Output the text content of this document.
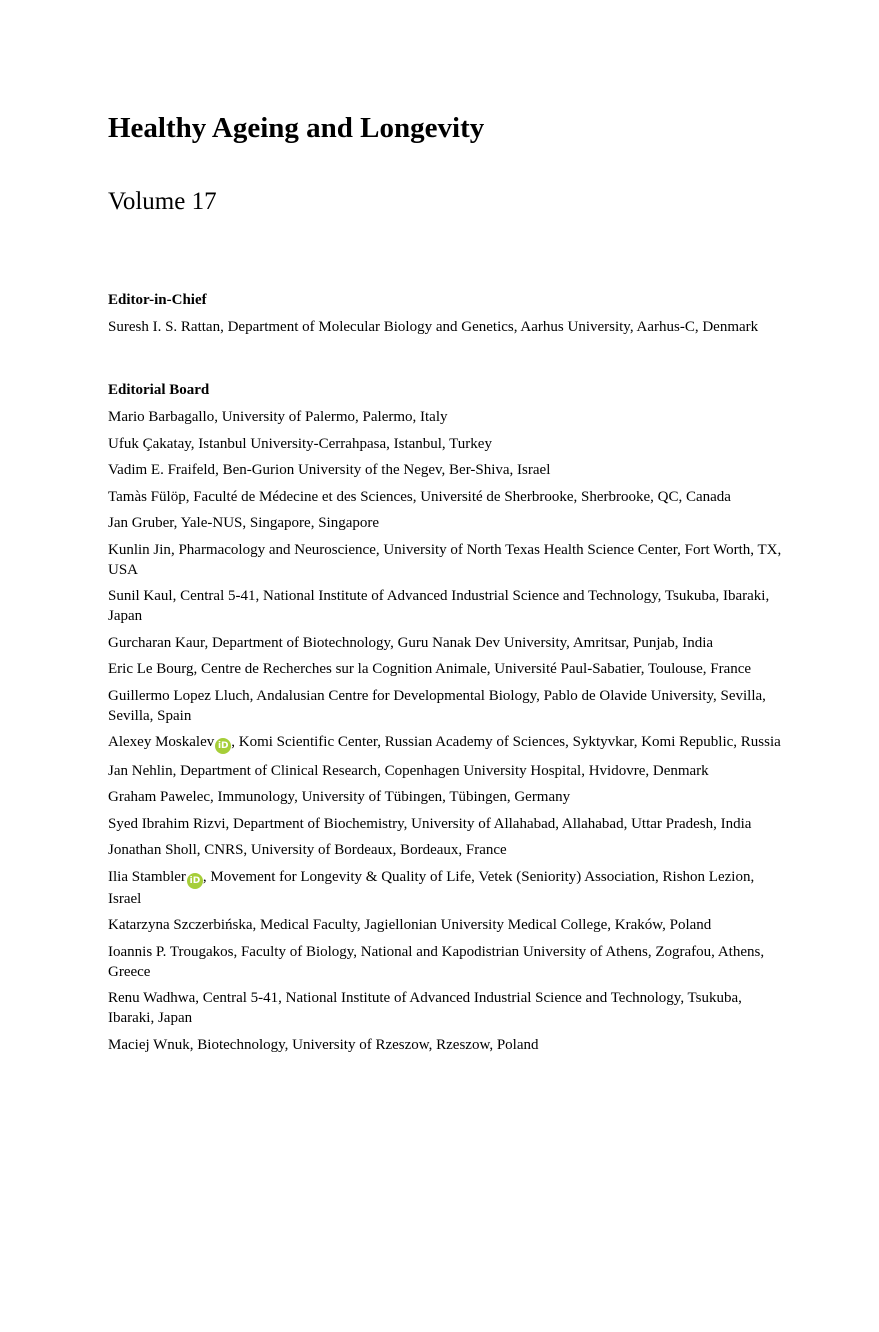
Healthy Ageing and Longevity
Volume 17

Editor-in-Chief

Suresh I. S. Rattan, Department of Molecular Biology and Genetics, Aarhus University, Aarhus-C, Denmark

Editorial Board

Mario Barbagallo, University of Palermo, Palermo, Italy

Ufuk Çakatay, Istanbul University-Cerrahpasa, Istanbul, Turkey

Vadim E. Fraifeld, Ben-Gurion University of the Negev, Ber-Shiva, Israel

Tamàs Fülöp, Faculté de Médecine et des Sciences, Université de Sherbrooke, Sherbrooke, QC, Canada

Jan Gruber, Yale-NUS, Singapore, Singapore

Kunlin Jin, Pharmacology and Neuroscience, University of North Texas Health Science Center, Fort Worth, TX, USA

Sunil Kaul, Central 5-41, National Institute of Advanced Industrial Science and Technology, Tsukuba, Ibaraki, Japan

Gurcharan Kaur, Department of Biotechnology, Guru Nanak Dev University, Amritsar, Punjab, India

Eric Le Bourg, Centre de Recherches sur la Cognition Animale, Université Paul-Sabatier, Toulouse, France

Guillermo Lopez Lluch, Andalusian Centre for Developmental Biology, Pablo de Olavide University, Sevilla, Sevilla, Spain

Alexey Moskalev iD , Komi Scientific Center, Russian Academy of Sciences, Syktyvkar, Komi Republic, Russia

Jan Nehlin, Department of Clinical Research, Copenhagen University Hospital, Hvidovre, Denmark

Graham Pawelec, Immunology, University of Tübingen, Tübingen, Germany

Syed Ibrahim Rizvi, Department of Biochemistry, University of Allahabad, Allahabad, Uttar Pradesh, India

Jonathan Sholl, CNRS, University of Bordeaux, Bordeaux, France

Ilia Stambler iD , Movement for Longevity & Quality of Life, Vetek (Seniority) Association, Rishon Lezion, Israel

Katarzyna Szczerbińska, Medical Faculty, Jagiellonian University Medical College, Kraków, Poland

Ioannis P. Trougakos, Faculty of Biology, National and Kapodistrian University of Athens, Zografou, Athens, Greece

Renu Wadhwa, Central 5-41, National Institute of Advanced Industrial Science and Technology, Tsukuba, Ibaraki, Japan

Maciej Wnuk, Biotechnology, University of Rzeszow, Rzeszow, Poland
